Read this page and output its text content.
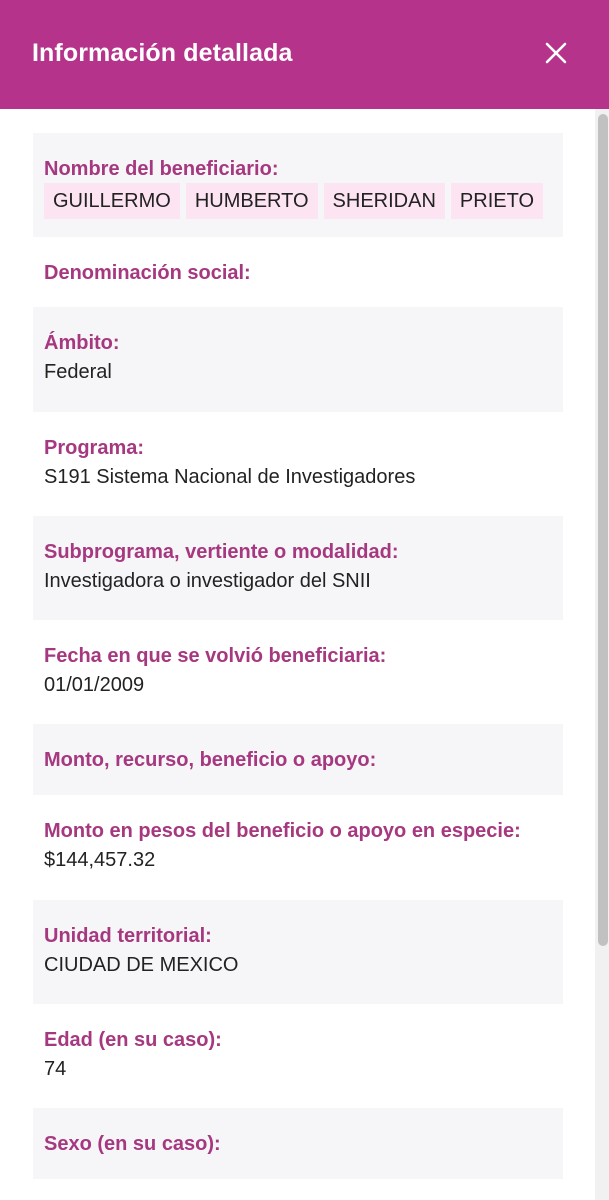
Información detallada
Nombre del beneficiario:
GUILLERMO	HUMBERTO	SHERIDAN	PRIETO
Denominación social:
Ámbito:
Federal
Programa:
S191 Sistema Nacional de Investigadores
Subprograma, vertiente o modalidad:
Investigadora o investigador del SNII
Fecha en que se volvió beneficiaria:
01/01/2009
Monto, recurso, beneficio o apoyo:
Monto en pesos del beneficio o apoyo en especie:
$144,457.32
Unidad territorial:
CIUDAD DE MEXICO
Edad (en su caso):
74
Sexo (en su caso):
